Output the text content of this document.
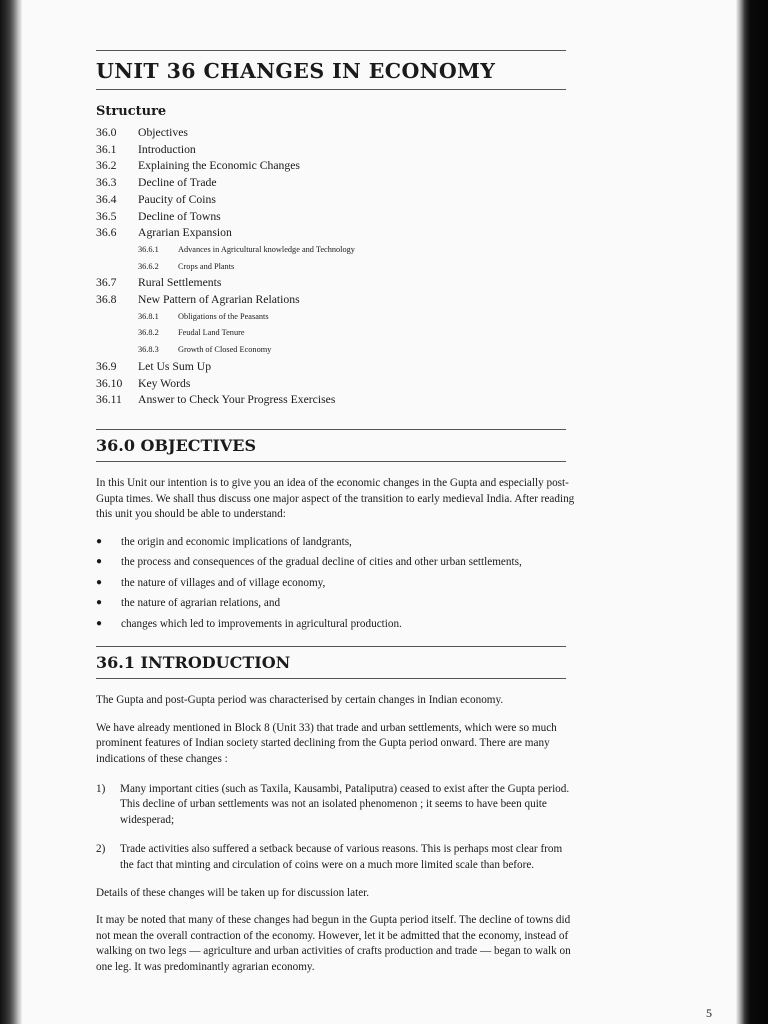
UNIT 36 CHANGES IN ECONOMY
Structure
36.0	Objectives
36.1	Introduction
36.2	Explaining the Economic Changes
36.3	Decline of Trade
36.4	Paucity of Coins
36.5	Decline of Towns
36.6	Agrarian Expansion
36.6.1	Advances in Agricultural knowledge and Technology
36.6.2	Crops and Plants
36.7	Rural Settlements
36.8	New Pattern of Agrarian Relations
36.8.1	Obligations of the Peasants
36.8.2	Feudal Land Tenure
36.8.3	Growth of Closed Economy
36.9	Let Us Sum Up
36.10	Key Words
36.11	Answer to Check Your Progress Exercises
36.0 OBJECTIVES

In this Unit our intention is to give you an idea of the economic changes in the Gupta and especially post-Gupta times. We shall thus discuss one major aspect of the transition to early medieval India. After reading this unit you should be able to understand:

●	the origin and economic implications of landgrants,
●	the process and consequences of the gradual decline of cities and other urban settlements,
●	the nature of villages and of village economy,
●	the nature of agrarian relations, and
●	changes which led to improvements in agricultural production.
36.1 INTRODUCTION

The Gupta and post-Gupta period was characterised by certain changes in Indian economy.

We have already mentioned in Block 8 (Unit 33) that trade and urban settlements, which were so much prominent features of Indian society started declining from the Gupta period onward. There are many indications of these changes :

1)	Many important cities (such as Taxila, Kausambi, Pataliputra) ceased to exist after the Gupta period. This decline of urban settlements was not an isolated phenomenon ; it seems to have been quite widesperad;
2)	Trade activities also suffered a setback because of various reasons. This is perhaps most clear from the fact that minting and circulation of coins were on a much more limited scale than before.

Details of these changes will be taken up for discussion later.

It may be noted that many of these changes had begun in the Gupta period itself. The decline of towns did not mean the overall contraction of the economy. However, let it be admitted that the economy, instead of walking on two legs — agriculture and urban activities of crafts production and trade — began to walk on one leg. It was predominantly agrarian economy.

5
